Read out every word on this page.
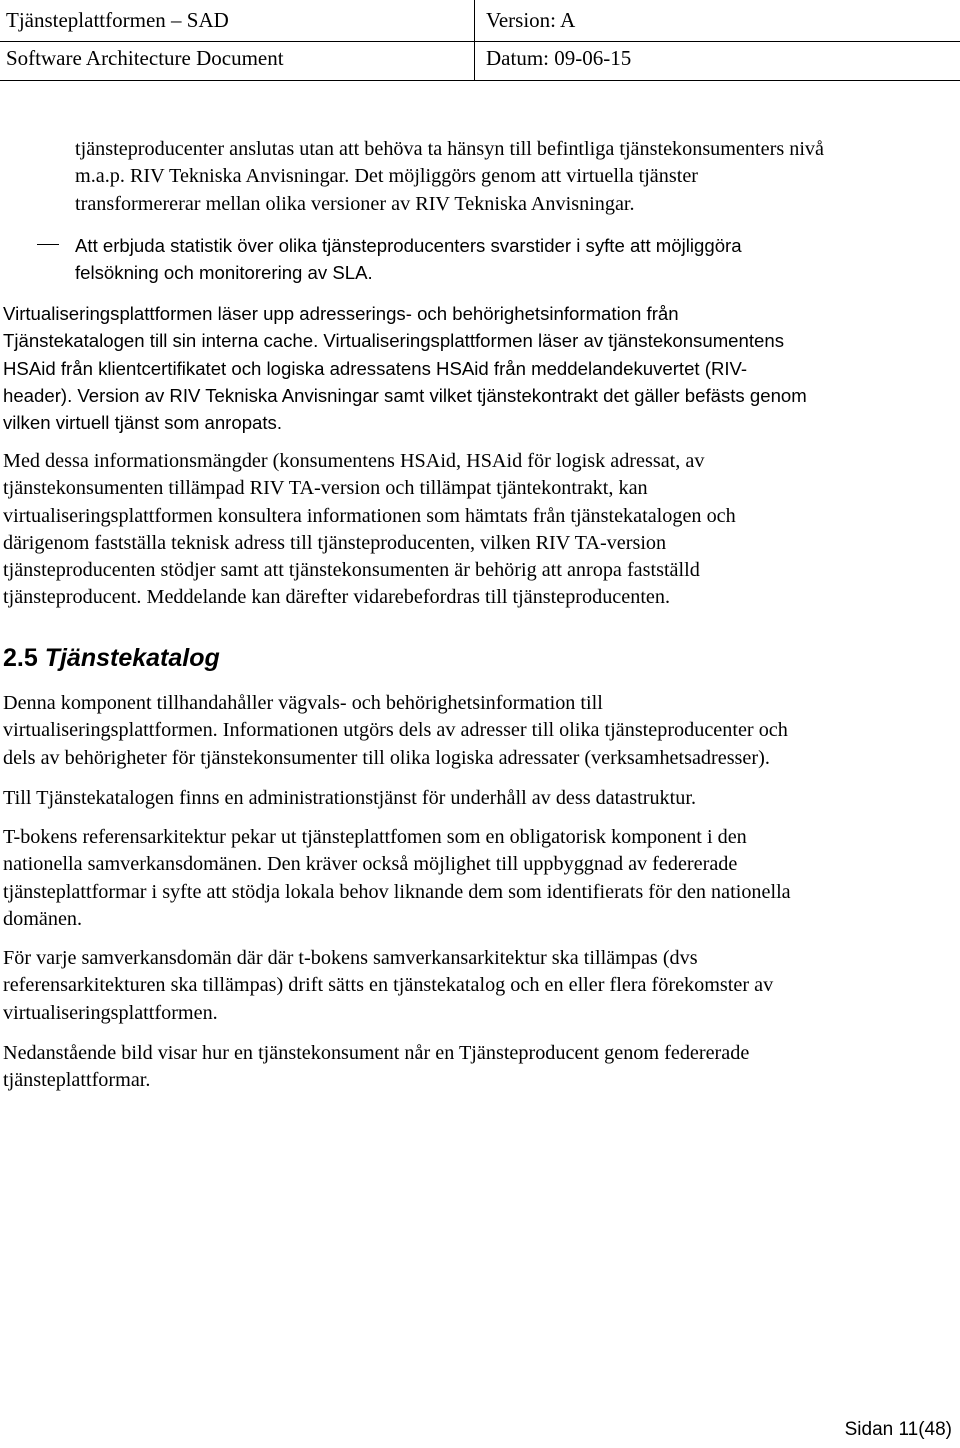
Tjänsteplattformen – SAD	Version: A
Software Architecture Document	Datum: 09-06-15
tjänsteproducenter anslutas utan att behöva ta hänsyn till befintliga tjänstekonsumenters nivå
m.a.p. RIV Tekniska Anvisningar. Det möjliggörs genom att virtuella tjänster
transformererar mellan olika versioner av RIV Tekniska Anvisningar.
Att erbjuda statistik över olika tjänsteproducenters svarstider i syfte att möjliggöra
felsökning och monitorering av SLA.
Virtualiseringsplattformen läser upp adresserings- och behörighetsinformation från
Tjänstekatalogen till sin interna cache. Virtualiseringsplattformen läser av tjänstekonsumentens
HSAid från klientcertifikatet och logiska adressatens HSAid från meddelandekuvertet (RIV-
header). Version av RIV Tekniska Anvisningar samt vilket tjänstekontrakt det gäller befästs genom
vilken virtuell tjänst som anropats.
Med dessa informationsmängder (konsumentens HSAid, HSAid för logisk adressat, av
tjänstekonsumenten tillämpad RIV TA-version och tillämpat tjäntekontrakt, kan
virtualiseringsplattformen konsultera informationen som hämtats från tjänstekatalogen och
därigenom fastställa teknisk adress till tjänsteproducenten, vilken RIV TA-version
tjänsteproducenten stödjer samt att tjänstekonsumenten är behörig att anropa fastställd
tjänsteproducent. Meddelande kan därefter vidarebefordras till tjänsteproducenten.
2.5 Tjänstekatalog
Denna komponent tillhandahåller vägvals- och behörighetsinformation till
virtualiseringsplattformen. Informationen utgörs dels av adresser till olika tjänsteproducenter och
dels av behörigheter för tjänstekonsumenter till olika logiska adressater (verksamhetsadresser).
Till Tjänstekatalogen finns en administrationstjänst för underhåll av dess datastruktur.
T-bokens referensarkitektur pekar ut tjänsteplattfomen som en obligatorisk komponent i den
nationella samverkansdomänen. Den kräver också möjlighet till uppbyggnad av federerade
tjänsteplattformar i syfte att stödja lokala behov liknande dem som identifierats för den nationella
domänen.
För varje samverkansdomän där där t-bokens samverkansarkitektur ska tillämpas (dvs
referensarkitekturen ska tillämpas) drift sätts en tjänstekatalog och en eller flera förekomster av
virtualiseringsplattformen.
Nedanstående bild visar hur en tjänstekonsument når en Tjänsteproducent genom federerade
tjänsteplattformar.
Sidan 11(48)
